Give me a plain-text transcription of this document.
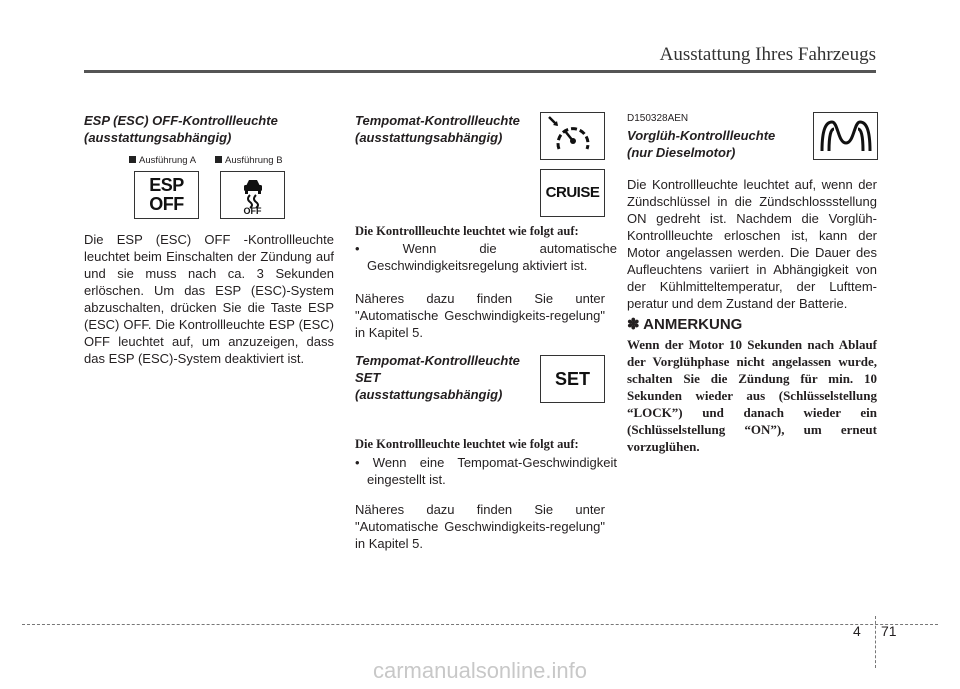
Ausstattung Ihres Fahrzeugs

ESP (ESC) OFF-Kontrollleuchte
(ausstattungsabhängig)

Ausführung A	Ausführung B
ESP
OFF	OFF

Die ESP (ESC) OFF -Kontrollleuchte leuchtet beim Einschalten der Zündung auf und sie muss nach ca. 3 Sekunden erlöschen. Um das ESP (ESC)-System abzuschalten, drücken Sie die Taste ESP (ESC) OFF. Die Kontrollleuchte ESP (ESC) OFF leuchtet auf, um anzuzeigen, dass das ESP (ESC)-System deaktiviert ist.

Tempomat-Kontrollleuchte
(ausstattungsabhängig)

CRUISE

Die Kontrollleuchte leuchtet wie folgt auf:

• Wenn die automatische Geschwindigkeitsregelung aktiviert ist.

Näheres dazu finden Sie unter "Automatische Geschwindigkeits-regelung" in Kapitel 5.

Tempomat-Kontrollleuchte
SET
(ausstattungsabhängig)

SET

Die Kontrollleuchte leuchtet wie folgt auf:

• Wenn eine Tempomat-Geschwindigkeit eingestellt ist.

Näheres dazu finden Sie unter "Automatische Geschwindigkeits-regelung" in Kapitel 5.

D150328AEN

Vorglüh-Kontrollleuchte
(nur Dieselmotor)

Die Kontrollleuchte leuchtet auf, wenn der Zündschlüssel in die Zündschlossstellung ON gedreht ist. Nachdem die Vorglüh-Kontrollleuchte erloschen ist, kann der Motor angelassen werden. Die Dauer des Aufleuchtens variiert in Abhängigkeit von der Kühlmitteltemperatur, der Lufttem-peratur und dem Zustand der Batterie.

✽ ANMERKUNG

Wenn der Motor 10 Sekunden nach Ablauf der Vorglühphase nicht angelassen wurde, schalten Sie die Zündung für min. 10 Sekunden wieder aus (Schlüsselstellung “LOCK”) und danach wieder ein (Schlüsselstellung “ON”), um erneut vorzuglühen.

4 71
carmanualsonline.info
